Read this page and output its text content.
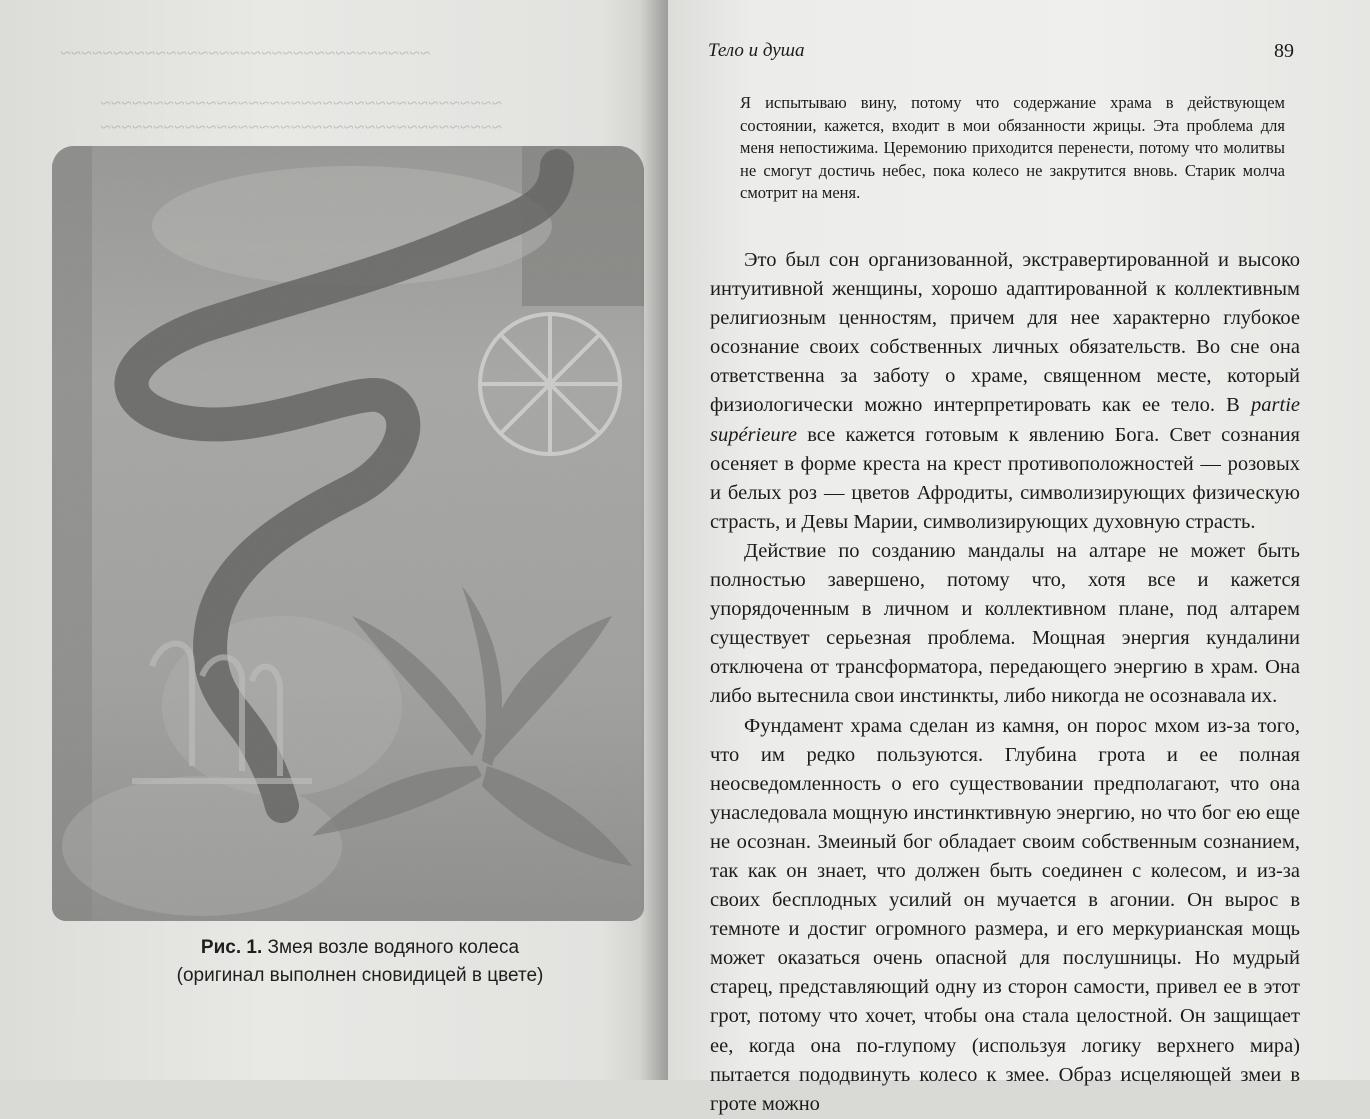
~~~~~~~~~~~~~~~~~~~~~~~~~~~~~~~~~~~
~~~~~~~~~~~~~~~~~~~~~~~~~~~~~~~~~~~~~~
~~~~~~~~~~~~~~~~~~~~~~~~~~~~~~~~~~~~~~

Рис. 1. Змея возле водяного колеса
(оригинал выполнен сновидицей в цвете)

Тело и душа	89

Я испытываю вину, потому что содержание храма в действующем состоянии, кажется, входит в мои обязанности жрицы. Эта проблема для меня непостижима. Церемонию приходится перенести, потому что молитвы не смогут достичь небес, пока колесо не закрутится вновь. Старик молча смотрит на меня.

Это был сон организованной, экстравертированной и высоко интуитивной женщины, хорошо адаптированной к коллективным религиозным ценностям, причем для нее характерно глубокое осознание своих собственных личных обязательств. Во сне она ответственна за заботу о храме, священном месте, который физиологически можно интерпретировать как ее тело. В partie supérieure все кажется готовым к явлению Бога. Свет сознания осеняет в форме креста на крест противоположностей — розовых и белых роз — цветов Афродиты, символизирующих физическую страсть, и Девы Марии, символизирующих духовную страсть.

Действие по созданию мандалы на алтаре не может быть полностью завершено, потому что, хотя все и кажется упорядоченным в личном и коллективном плане, под алтарем существует серьезная проблема. Мощная энергия кундалини отключена от трансформатора, передающего энергию в храм. Она либо вытеснила свои инстинкты, либо никогда не осознавала их.

Фундамент храма сделан из камня, он порос мхом из-за того, что им редко пользуются. Глубина грота и ее полная неосведомленность о его существовании предполагают, что она унаследовала мощную инстинктивную энергию, но что бог ею еще не осознан. Змеиный бог обладает своим собственным сознанием, так как он знает, что должен быть соединен с колесом, и из-за своих бесплодных усилий он мучается в агонии. Он вырос в темноте и достиг огромного размера, и его меркурианская мощь может оказаться очень опасной для послушницы. Но мудрый старец, представляющий одну из сторон самости, привел ее в этот грот, потому что хочет, чтобы она стала целостной. Он защищает ее, когда она по-глупому (используя логику верхнего мира) пытается пододвинуть колесо к змее. Образ исцеляющей змеи в гроте можно
